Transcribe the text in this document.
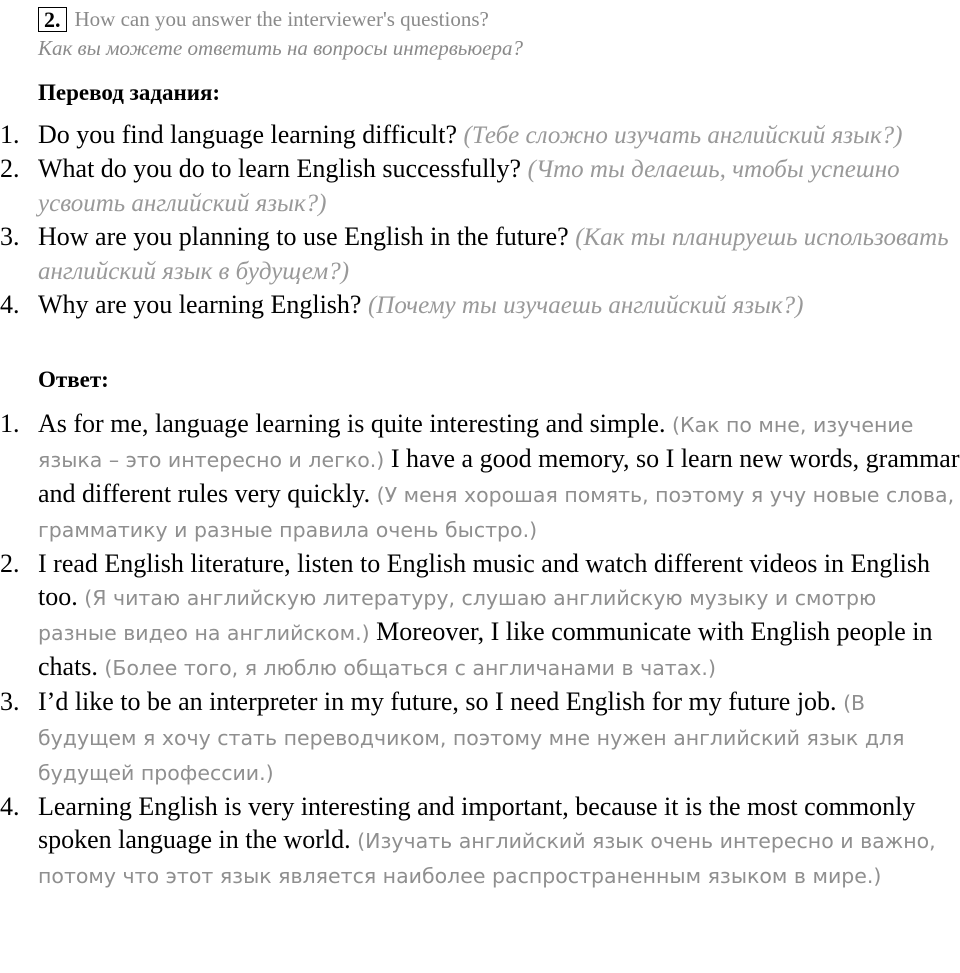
2. How can you answer the interviewer's questions?
Как вы можете ответить на вопросы интервьюера?
Перевод задания:
1. Do you find language learning difficult? (Тебе сложно изучать английский язык?)
2. What do you do to learn English successfully? (Что ты делаешь, чтобы успешно усвоить английский язык?)
3. How are you planning to use English in the future? (Как ты планируешь использовать английский язык в будущем?)
4. Why are you learning English? (Почему ты изучаешь английский язык?)
Ответ:
1. As for me, language learning is quite interesting and simple. (Как по мне, изучение языка – это интересно и легко.) I have a good memory, so I learn new words, grammar and different rules very quickly. (У меня хорошая помять, поэтому я учу новые слова, грамматику и разные правила очень быстро.)
2. I read English literature, listen to English music and watch different videos in English too. (Я читаю английскую литературу, слушаю английскую музыку и смотрю разные видео на английском.) Moreover, I like communicate with English people in chats. (Более того, я люблю общаться с англичанами в чатах.)
3. I’d like to be an interpreter in my future, so I need English for my future job. (В будущем я хочу стать переводчиком, поэтому мне нужен английский язык для будущей профессии.)
4. Learning English is very interesting and important, because it is the most commonly spoken language in the world. (Изучать английский язык очень интересно и важно, потому что этот язык является наиболее распространенным языком в мире.)
